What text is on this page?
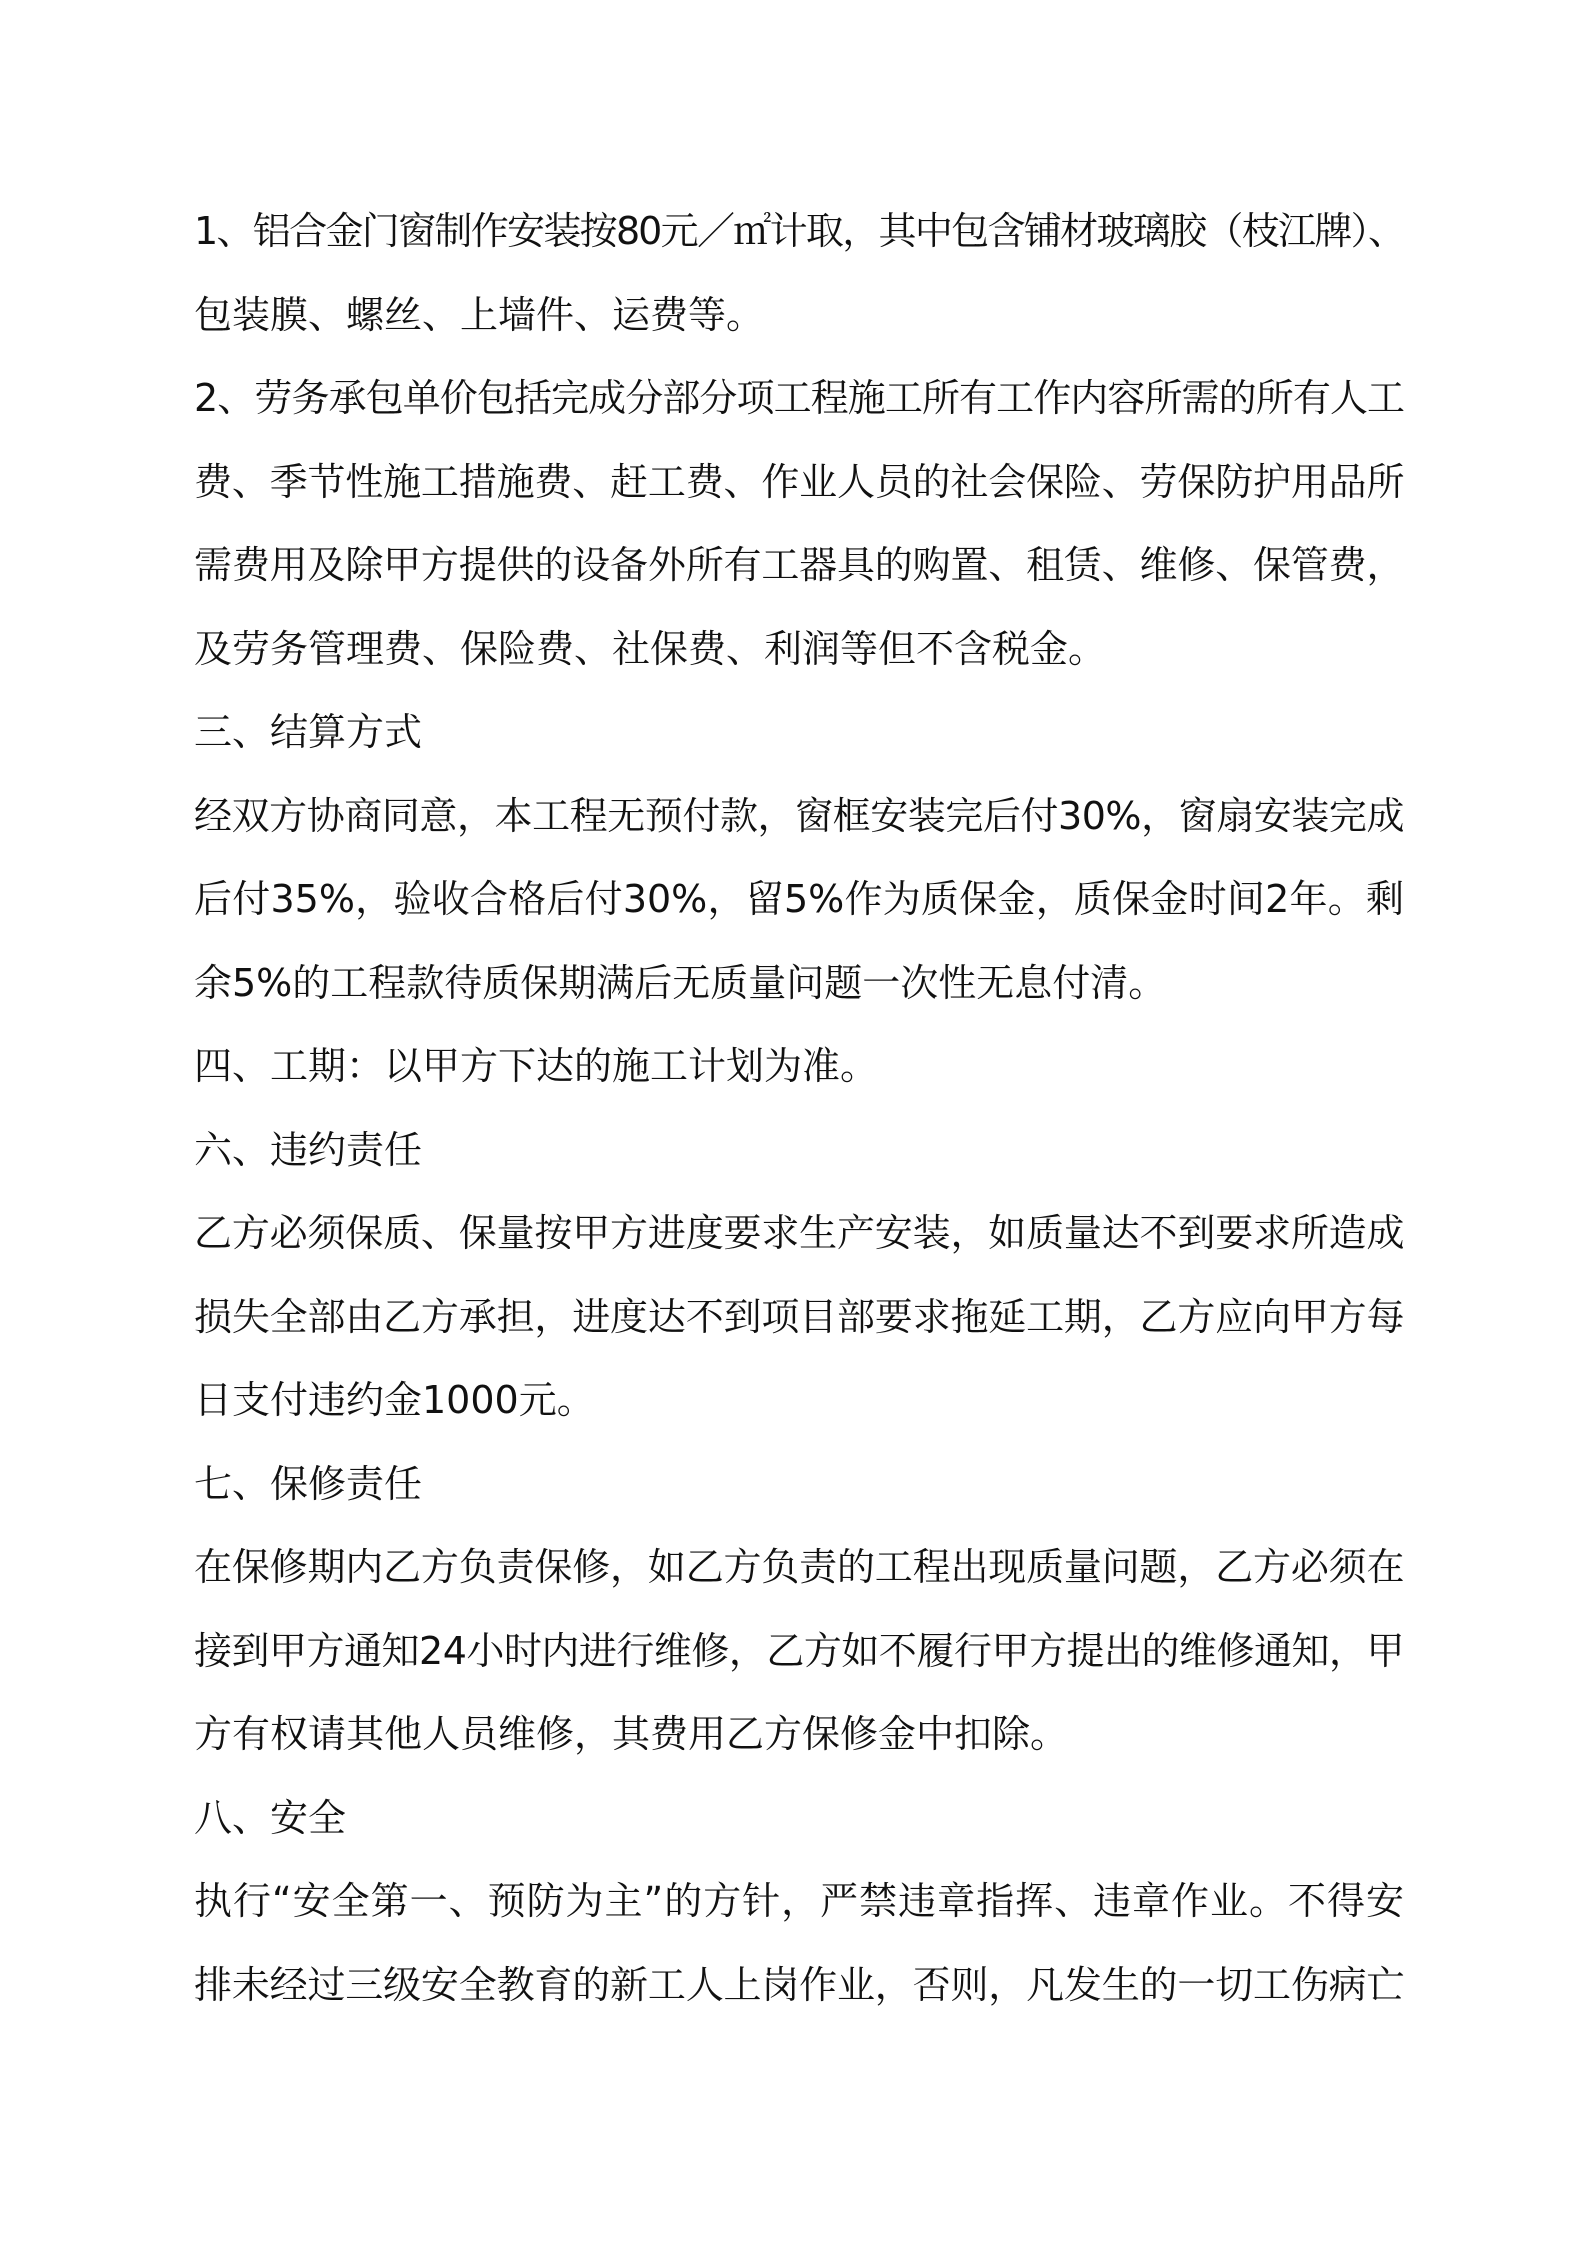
1、铝合金门窗制作安装按80元／㎡计取，其中包含铺材玻璃胶（枝江牌）、
包装膜、螺丝、上墙件、运费等。
2、劳务承包单价包括完成分部分项工程施工所有工作内容所需的所有人工
费、季节性施工措施费、赶工费、作业人员的社会保险、劳保防护用品所
需费用及除甲方提供的设备外所有工器具的购置、租赁、维修、保管费，
及劳务管理费、保险费、社保费、利润等但不含税金。
三、结算方式
经双方协商同意，本工程无预付款，窗框安装完后付30%，窗扇安装完成
后付35%，验收合格后付30%，留5%作为质保金，质保金时间2年。剩
余5%的工程款待质保期满后无质量问题一次性无息付清。
四、工期：以甲方下达的施工计划为准。
六、违约责任
乙方必须保质、保量按甲方进度要求生产安装，如质量达不到要求所造成
损失全部由乙方承担，进度达不到项目部要求拖延工期，乙方应向甲方每
日支付违约金1000元。
七、保修责任
在保修期内乙方负责保修，如乙方负责的工程出现质量问题，乙方必须在
接到甲方通知24小时内进行维修，乙方如不履行甲方提出的维修通知，甲
方有权请其他人员维修，其费用乙方保修金中扣除。
八、安全
执行“安全第一、预防为主”的方针，严禁违章指挥、违章作业。不得安
排未经过三级安全教育的新工人上岗作业，否则，凡发生的一切工伤病亡
